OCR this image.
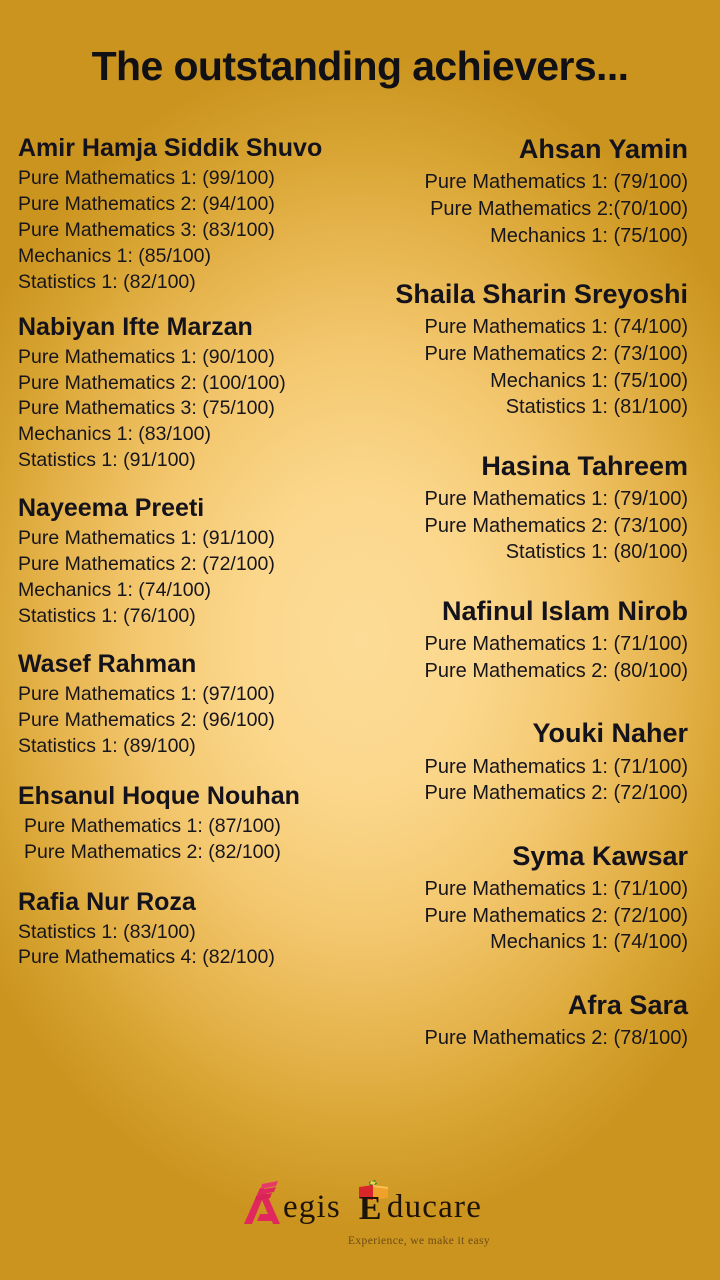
The outstanding achievers...
Amir Hamja Siddik Shuvo
Pure Mathematics 1: (99/100)
Pure Mathematics 2: (94/100)
Pure Mathematics 3: (83/100)
Mechanics 1: (85/100)
Statistics 1: (82/100)
Nabiyan Ifte Marzan
Pure Mathematics 1: (90/100)
Pure Mathematics 2: (100/100)
Pure Mathematics 3: (75/100)
Mechanics 1: (83/100)
Statistics 1: (91/100)
Nayeema Preeti
Pure Mathematics 1: (91/100)
Pure Mathematics 2: (72/100)
Mechanics 1: (74/100)
Statistics 1: (76/100)
Wasef Rahman
Pure Mathematics 1: (97/100)
Pure Mathematics 2: (96/100)
Statistics 1: (89/100)
Ehsanul Hoque Nouhan
Pure Mathematics 1: (87/100)
Pure Mathematics 2: (82/100)
Rafia Nur Roza
Statistics 1: (83/100)
Pure Mathematics 4: (82/100)
Ahsan Yamin
Pure Mathematics 1: (79/100)
Pure Mathematics 2:(70/100)
Mechanics 1: (75/100)
Shaila Sharin Sreyoshi
Pure Mathematics 1: (74/100)
Pure Mathematics 2: (73/100)
Mechanics 1: (75/100)
Statistics 1: (81/100)
Hasina Tahreem
Pure Mathematics 1: (79/100)
Pure Mathematics 2: (73/100)
Statistics 1: (80/100)
Nafinul Islam Nirob
Pure Mathematics 1: (71/100)
Pure Mathematics 2: (80/100)
Youki Naher
Pure Mathematics 1: (71/100)
Pure Mathematics 2: (72/100)
Syma Kawsar
Pure Mathematics 1: (71/100)
Pure Mathematics 2: (72/100)
Mechanics 1: (74/100)
Afra Sara
Pure Mathematics 2: (78/100)
egis E ducare
Experience, we make it easy
